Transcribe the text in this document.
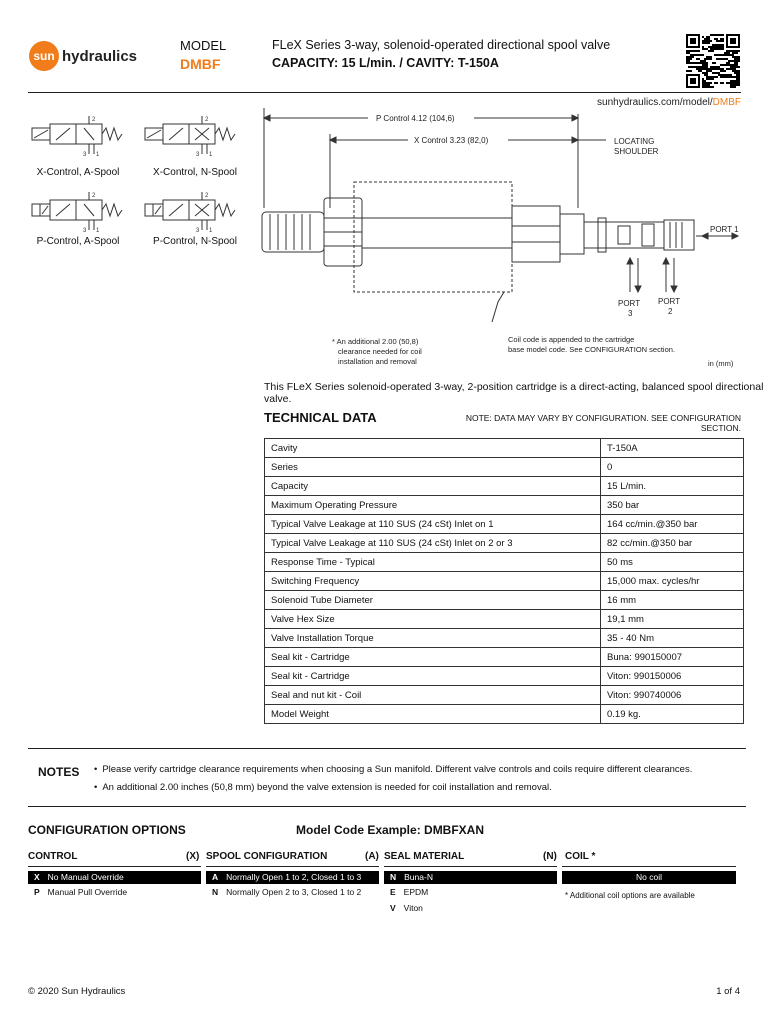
sun hydraulics
MODEL
DMBF
FLeX Series 3-way, solenoid-operated directional spool valve
CAPACITY: 15 L/min. / CAVITY: T-150A
sunhydraulics.com/model/DMBF
2
3 1
X-Control, A-Spool
2
3 1
X-Control, N-Spool
2
3 1
P-Control, A-Spool
2
3 1
P-Control, N-Spool
P Control 4.12 (104,6)
X Control 3.23 (82,0)	LOCATING
SHOULDER
PORT 1
PORT
3
PORT
2
* An additional 2.00 (50,8)
clearance needed for coil
installation and removal
Coil code is appended to the cartridge
base model code. See CONFIGURATION section.
in (mm)
This FLeX Series solenoid-operated 3-way, 2-position cartridge is a direct-acting, balanced spool directional valve.
TECHNICAL DATA	NOTE: DATA MAY VARY BY CONFIGURATION. SEE CONFIGURATION SECTION.
Cavity	T-150A
Series	0
Capacity	15 L/min.
Maximum Operating Pressure	350 bar
Typical Valve Leakage at 110 SUS (24 cSt) Inlet on 1	164 cc/min.@350 bar
Typical Valve Leakage at 110 SUS (24 cSt) Inlet on 2 or 3	82 cc/min.@350 bar
Response Time - Typical	50 ms
Switching Frequency	15,000 max. cycles/hr
Solenoid Tube Diameter	16 mm
Valve Hex Size	19,1 mm
Valve Installation Torque	35 - 40 Nm
Seal kit - Cartridge	Buna: 990150007
Seal kit - Cartridge	Viton: 990150006
Seal and nut kit - Coil	Viton: 990740006
Model Weight	0.19 kg.
NOTES	• Please verify cartridge clearance requirements when choosing a Sun manifold. Different valve controls and coils require different clearances.
• An additional 2.00 inches (50,8 mm) beyond the valve extension is needed for coil installation and removal.
CONFIGURATION OPTIONS	Model Code Example: DMBFXAN
CONTROL	(X)
X No Manual Override
P Manual Pull Override
SPOOL CONFIGURATION	(A)
A Normally Open 1 to 2, Closed 1 to 3
N Normally Open 2 to 3, Closed 1 to 2
SEAL MATERIAL	(N)
N Buna-N
E EPDM
V Viton
COIL *
No coil
* Additional coil options are available
© 2020 Sun Hydraulics	1 of 4
